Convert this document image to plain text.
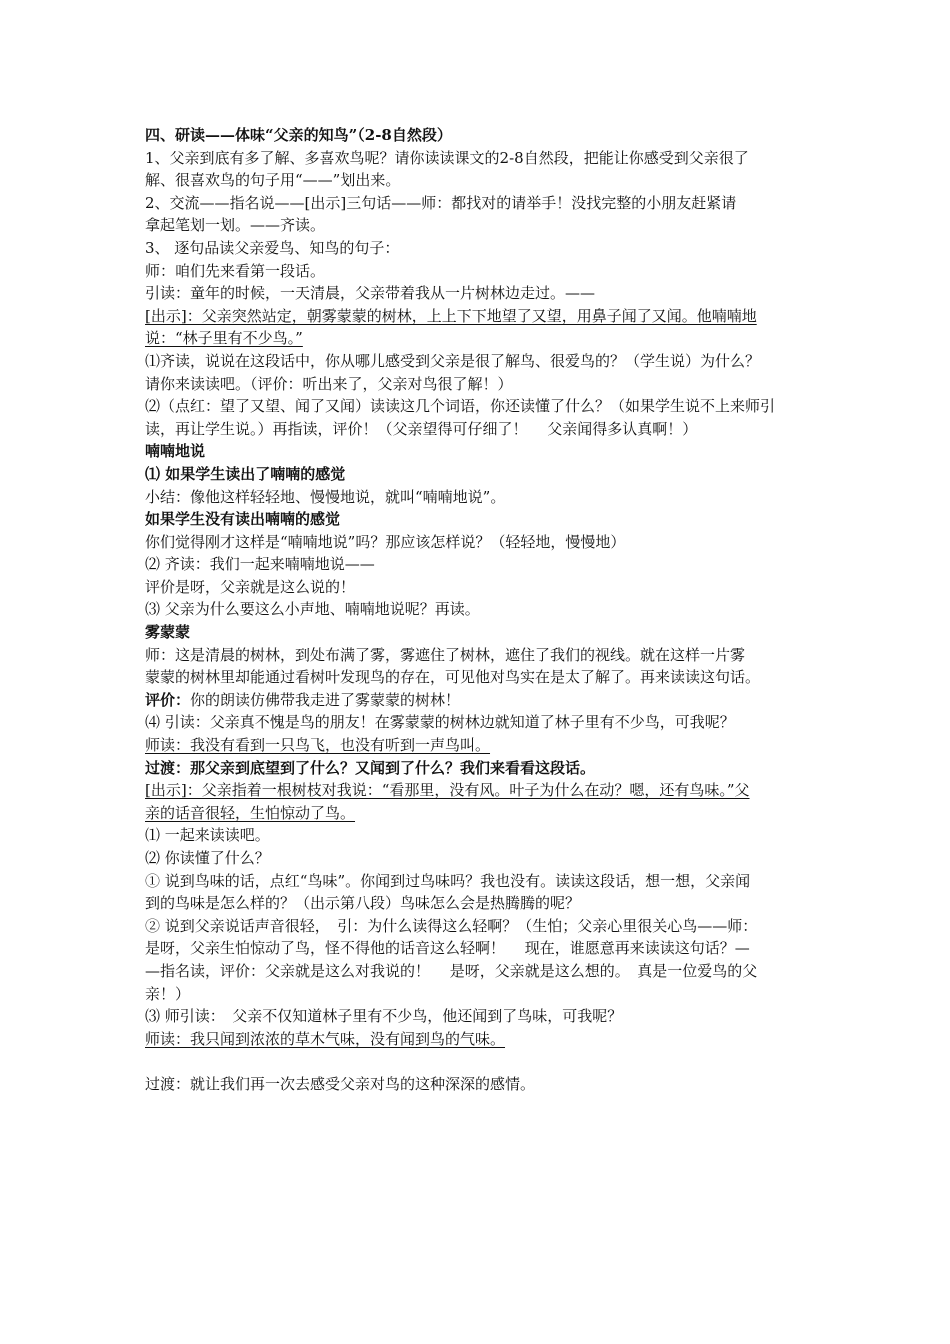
四、研读——体味“父亲的知鸟”（2-8自然段）

1、父亲到底有多了解、多喜欢鸟呢？请你读读课文的2-8自然段，把能让你感受到父亲很了

解、很喜欢鸟的句子用“——”划出来。

2、交流——指名说——[出示]三句话——师：都找对的请举手！没找完整的小朋友赶紧请

拿起笔划一划。——齐读。

3、 逐句品读父亲爱鸟、知鸟的句子：

师：咱们先来看第一段话。

引读：童年的时候，一天清晨，父亲带着我从一片树林边走过。——

[出示]：父亲突然站定，朝雾蒙蒙的树林，上上下下地望了又望，用鼻子闻了又闻。他喃喃地

说：“林子里有不少鸟。”

⑴齐读，说说在这段话中，你从哪儿感受到父亲是很了解鸟、很爱鸟的？（学生说）为什么？

请你来读读吧。（评价：听出来了，父亲对鸟很了解！）

⑵（点红：望了又望、闻了又闻）读读这几个词语，你还读懂了什么？（如果学生说不上来师引

读，再让学生说。）再指读，评价！（父亲望得可仔细了！　 父亲闻得多认真啊！）

喃喃地说

⑴ 如果学生读出了喃喃的感觉

小结：像他这样轻轻地、慢慢地说，就叫“喃喃地说”。

如果学生没有读出喃喃的感觉

你们觉得刚才这样是“喃喃地说”吗？那应该怎样说？（轻轻地，慢慢地）

⑵ 齐读：我们一起来喃喃地说——

评价是呀，父亲就是这么说的！

⑶ 父亲为什么要这么小声地、喃喃地说呢？再读。

雾蒙蒙

师：这是清晨的树林，到处布满了雾，雾遮住了树林，遮住了我们的视线。就在这样一片雾

蒙蒙的树林里却能通过看树叶发现鸟的存在，可见他对鸟实在是太了解了。再来读读这句话。

评价：你的朗读仿佛带我走进了雾蒙蒙的树林！

⑷ 引读：父亲真不愧是鸟的朋友！在雾蒙蒙的树林边就知道了林子里有不少鸟，可我呢？

师读：我没有看到一只鸟飞，也没有听到一声鸟叫。

过渡：那父亲到底望到了什么？又闻到了什么？我们来看看这段话。

[出示]：父亲指着一根树枝对我说：“看那里，没有风。叶子为什么在动？嗯，还有鸟味。”父

亲的话音很轻，生怕惊动了鸟。

⑴ 一起来读读吧。

⑵ 你读懂了什么？

① 说到鸟味的话，点红“鸟味”。你闻到过鸟味吗？我也没有。读读这段话，想一想，父亲闻

到的鸟味是怎么样的？（出示第八段）鸟味怎么会是热腾腾的呢？

② 说到父亲说话声音很轻，　引：为什么读得这么轻啊？（生怕；父亲心里很关心鸟——师：

是呀，父亲生怕惊动了鸟，怪不得他的话音这么轻啊！　 现在，谁愿意再来读读这句话？—

—指名读，评价：父亲就是这么对我说的！　 是呀，父亲就是这么想的。　真是一位爱鸟的父

亲！）

⑶ 师引读：　父亲不仅知道林子里有不少鸟，他还闻到了鸟味，可我呢？

师读：我只闻到浓浓的草木气味，没有闻到鸟的气味。

过渡：就让我们再一次去感受父亲对鸟的这种深深的感情。
